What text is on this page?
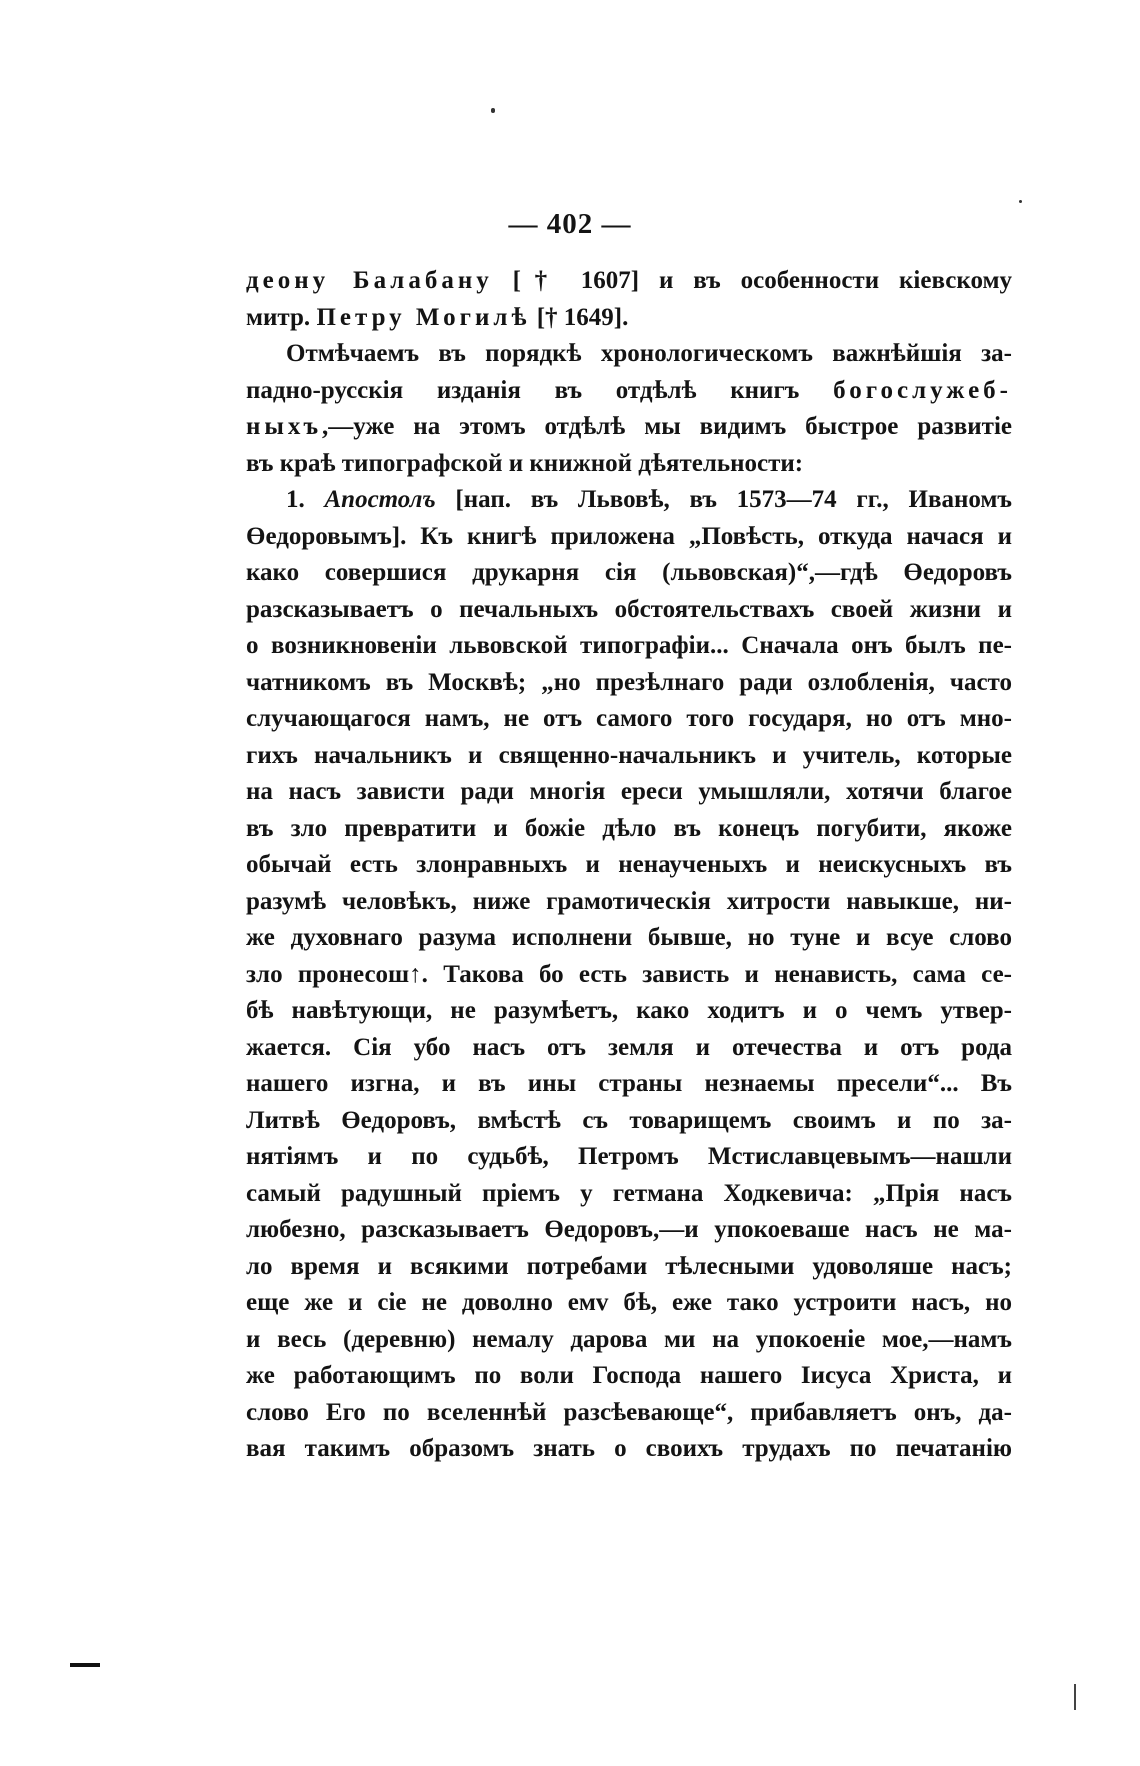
— 402 —
деону Балабану [† 1607] и въ особенности кіевскому
митр. Петру Могилѣ [† 1649].
Отмѣчаемъ въ порядкѣ хронологическомъ важнѣйшія за-
падно-русскія изданія въ отдѣлѣ книгъ богослужеб-
ныхъ,—уже на этомъ отдѣлѣ мы видимъ быстрое развитіе
въ краѣ типографской и книжной дѣятельности:
1. Апостолъ [нап. въ Львовѣ, въ 1573—74 гг., Иваномъ
Өедоровымъ]. Къ книгѣ приложена „Повѣсть, откуда начася и
како совершися друкарня сія (львовская)“,—гдѣ Өедоровъ
разсказываетъ о печальныхъ обстоятельствахъ своей жизни и
о возникновеніи львовской типографіи... Сначала онъ былъ пе-
чатникомъ въ Москвѣ; „но презѣлнаго ради озлобленія, часто
случающагося намъ, не отъ самого того государя, но отъ мно-
гихъ начальникъ и священно-начальникъ и учитель, которые
на насъ зависти ради многія ереси умышляли, хотячи благое
въ зло превратити и божіе дѣло въ конецъ погубити, якоже
обычай есть злонравныхъ и ненаученыхъ и неискусныхъ въ
разумѣ человѣкъ, ниже грамотическія хитрости навыкше, ни-
же духовнаго разума исполнени бывше, но туне и всуе слово
зло пронесош↑. Такова бо есть зависть и ненависть, сама се-
бѣ навѣтующи, не разумѣетъ, како ходитъ и о чемъ утвер-
жается. Сія убо насъ отъ земля и отечества и отъ рода
нашего изгна, и въ ины страны незнаемы пресели“... Въ
Литвѣ Өедоровъ, вмѣстѣ съ товарищемъ своимъ и по за-
нятіямъ и по судьбѣ, Петромъ Мстиславцевымъ—нашли
самый радушный пріемъ у гетмана Ходкевича: „Прія насъ
любезно, разсказываетъ Өедоровъ,—и упокоеваше насъ не ма-
ло время и всякими потребами тѣлесными удоволяше насъ;
еще же и сіе не доволно емv бѣ, еже тако устроити насъ, но
и весь (деревню) немалу дарова ми на упокоеніе мое,—намъ
же работающимъ по воли Господа нашего Іисуса Христа, и
слово Его по вселеннѣй разсѣевающе“, прибавляетъ онъ, да-
вая такимъ образомъ знать о своихъ трудахъ по печатанію
